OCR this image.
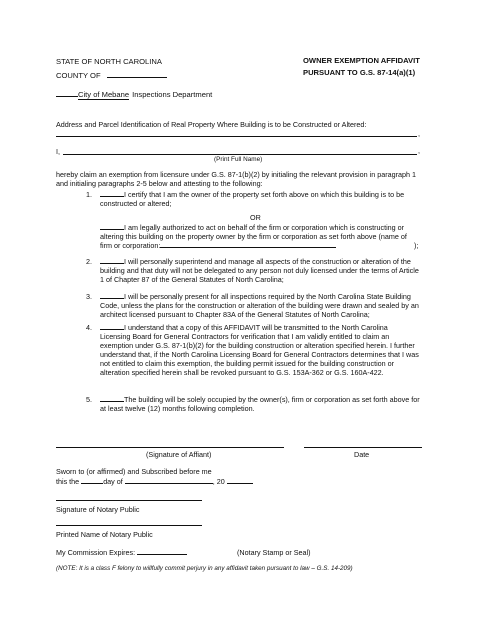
STATE OF NORTH CAROLINA
COUNTY OF
City of Mebane Inspections Department
OWNER EXEMPTION AFFIDAVIT
PURSUANT TO G.S. 87-14(a)(1)
Address and Parcel Identification of Real Property Where Building is to be Constructed or Altered:
,
I,	,
(Print Full Name)
hereby claim an exemption from licensure under G.S. 87-1(b)(2) by initialing the relevant provision in paragraph 1 and initialing paragraphs 2-5 below and attesting to the following:
1.	I certify that I am the owner of the property set forth above on which this building is to be constructed or altered;
OR
I am legally authorized to act on behalf of the firm or corporation which is constructing or altering this building on the property owner by the firm or corporation as set forth above (name of firm or corporation:	);
2.	I will personally superintend and manage all aspects of the construction or alteration of the building and that duty will not be delegated to any person not duly licensed under the terms of Article 1 of Chapter 87 of the General Statutes of North Carolina;
3.	I will be personally present for all inspections required by the North Carolina State Building Code, unless the plans for the construction or alteration of the building were drawn and sealed by an architect licensed pursuant to Chapter 83A of the General Statutes of North Carolina;
4.	I understand that a copy of this AFFIDAVIT will be transmitted to the North Carolina Licensing Board for General Contractors for verification that I am validly entitled to claim an exemption under G.S. 87-1(b)(2) for the building construction or alteration specified herein. I further understand that, if the North Carolina Licensing Board for General Contractors determines that I was not entitled to claim this exemption, the building permit issued for the building construction or alteration specified herein shall be revoked pursuant to G.S. 153A-362 or G.S. 160A-422.
5.	The building will be solely occupied by the owner(s), firm or corporation as set forth above for at least twelve (12) months following completion.
(Signature of Affiant)	Date
Sworn to (or affirmed) and Subscribed before me
this the	day of	, 20
Signature of Notary Public
Printed Name of Notary Public
My Commission Expires:	(Notary Stamp or Seal)
(NOTE: It is a class F felony to willfully commit perjury in any affidavit taken pursuant to law – G.S. 14-209)
